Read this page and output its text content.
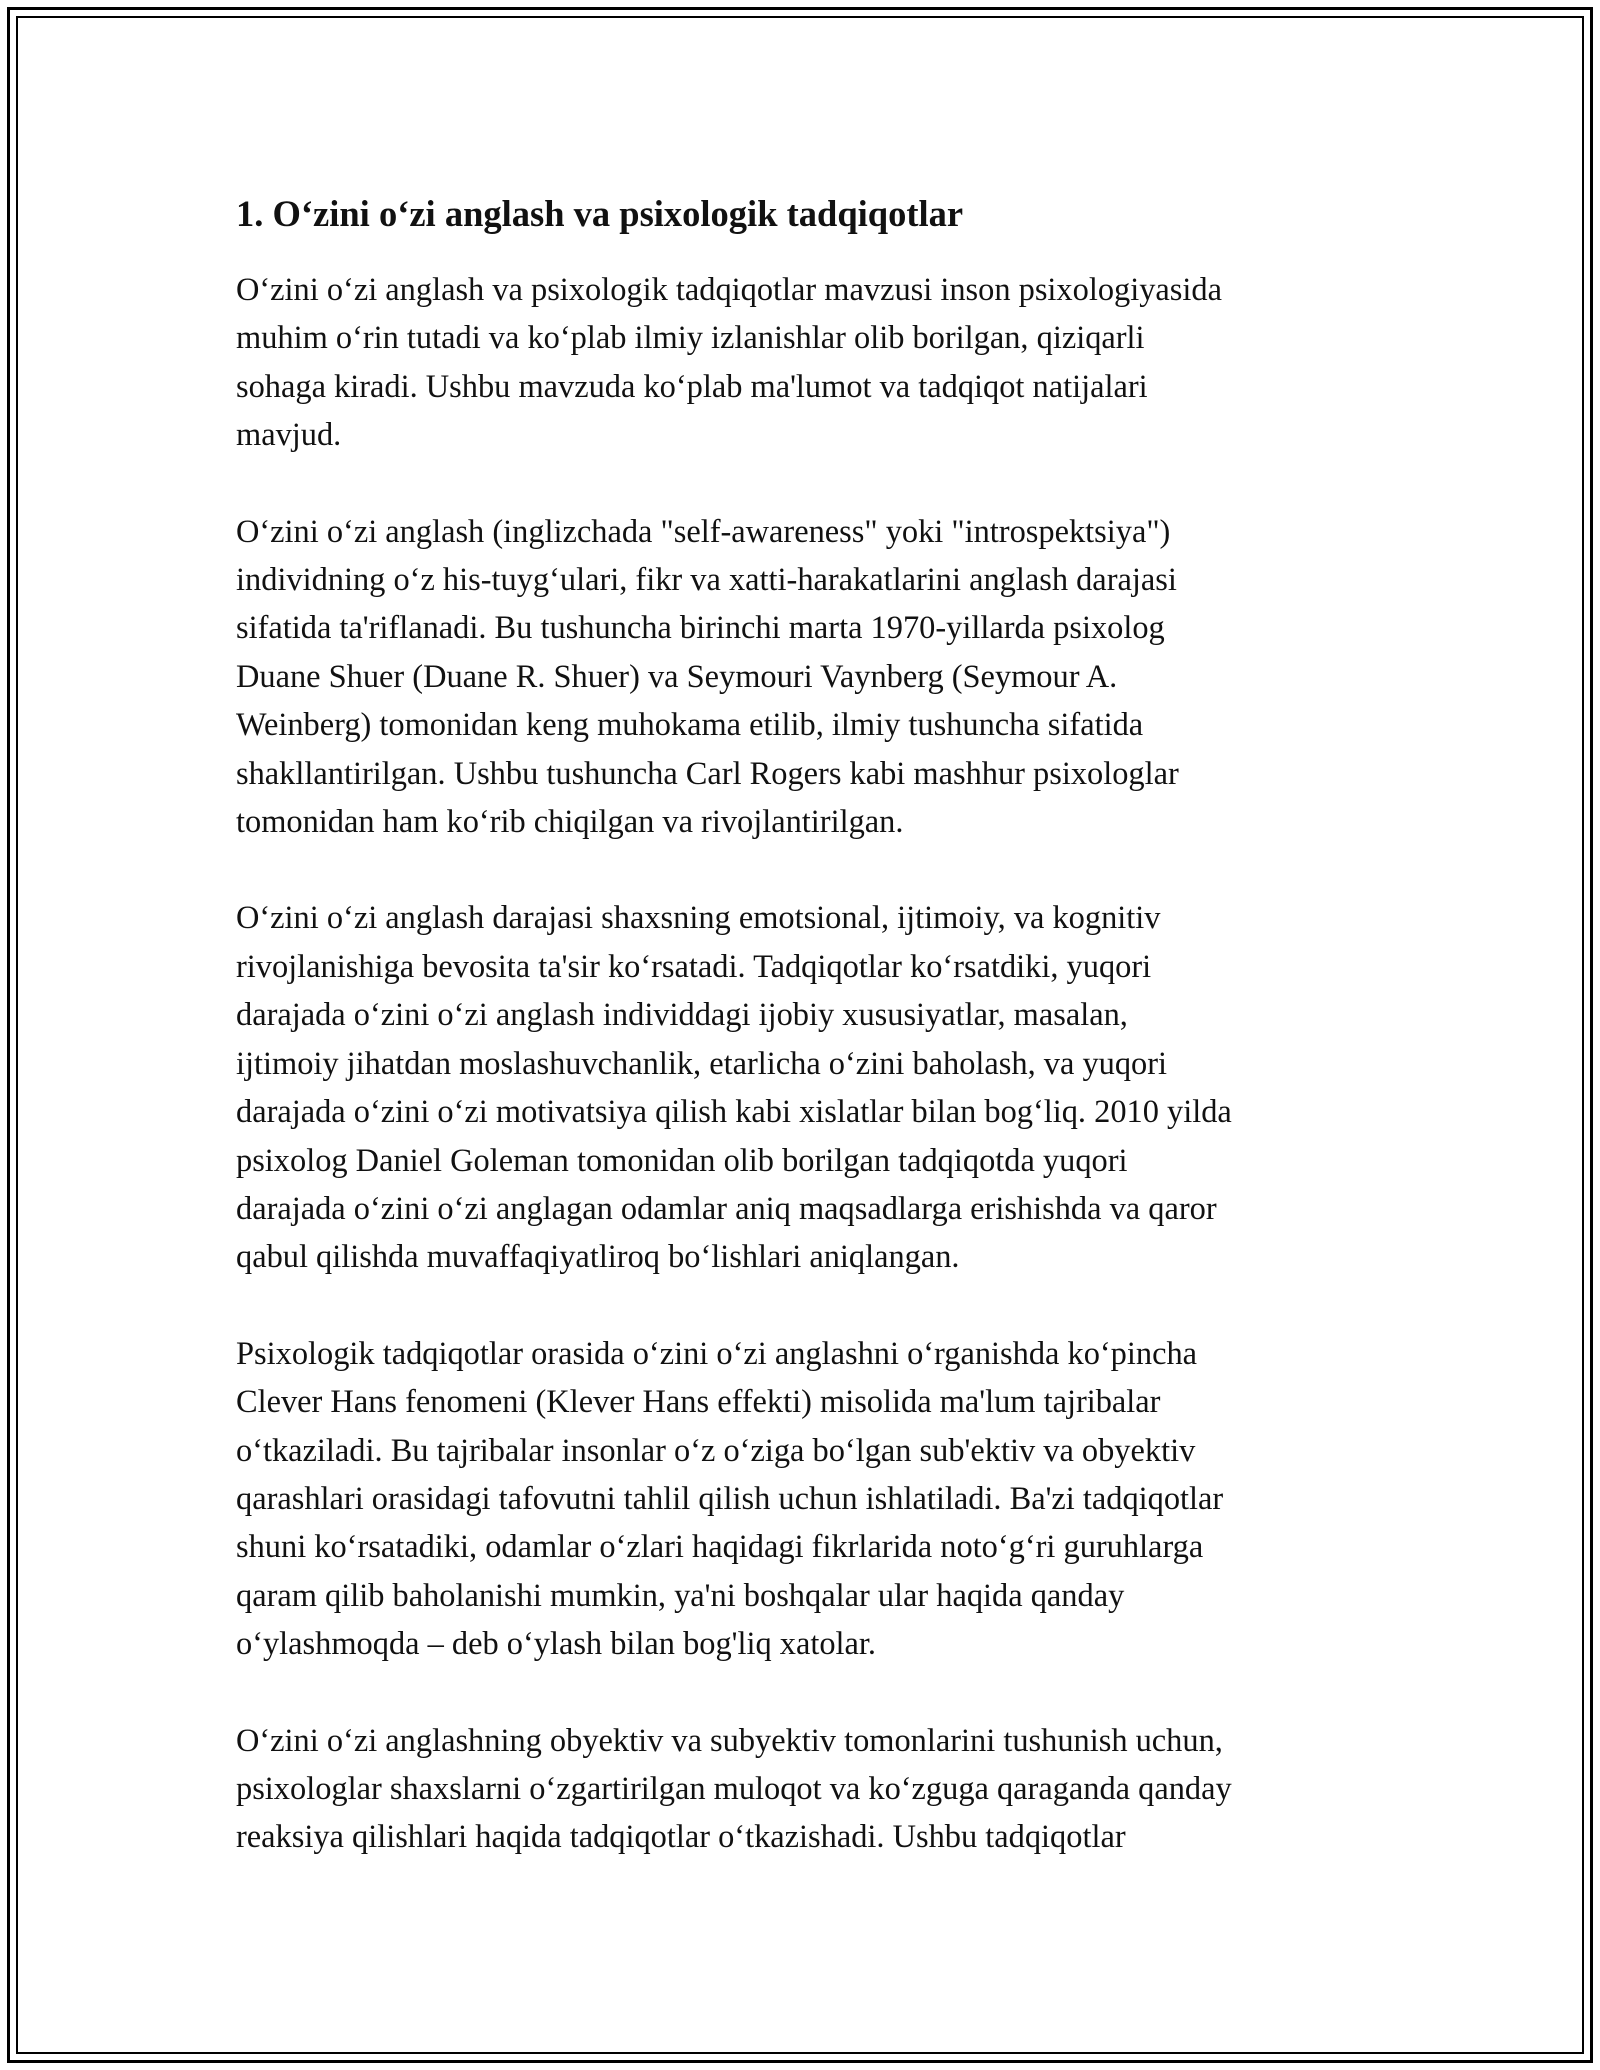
1. O‘zini o‘zi anglash va psixologik tadqiqotlar

O‘zini o‘zi anglash va psixologik tadqiqotlar mavzusi inson psixologiyasida
muhim o‘rin tutadi va ko‘plab ilmiy izlanishlar olib borilgan, qiziqarli
sohaga kiradi. Ushbu mavzuda ko‘plab ma'lumot va tadqiqot natijalari
mavjud.

O‘zini o‘zi anglash (inglizchada "self-awareness" yoki "introspektsiya")
individning o‘z his-tuyg‘ulari, fikr va xatti-harakatlarini anglash darajasi
sifatida ta'riflanadi. Bu tushuncha birinchi marta 1970-yillarda psixolog
Duane Shuer (Duane R. Shuer) va Seymouri Vaynberg (Seymour A.
Weinberg) tomonidan keng muhokama etilib, ilmiy tushuncha sifatida
shakllantirilgan. Ushbu tushuncha Carl Rogers kabi mashhur psixologlar
tomonidan ham ko‘rib chiqilgan va rivojlantirilgan.

O‘zini o‘zi anglash darajasi shaxsning emotsional, ijtimoiy, va kognitiv
rivojlanishiga bevosita ta'sir ko‘rsatadi. Tadqiqotlar ko‘rsatdiki, yuqori
darajada o‘zini o‘zi anglash individdagi ijobiy xususiyatlar, masalan,
ijtimoiy jihatdan moslashuvchanlik, etarlicha o‘zini baholash, va yuqori
darajada o‘zini o‘zi motivatsiya qilish kabi xislatlar bilan bog‘liq. 2010 yilda
psixolog Daniel Goleman tomonidan olib borilgan tadqiqotda yuqori
darajada o‘zini o‘zi anglagan odamlar aniq maqsadlarga erishishda va qaror
qabul qilishda muvaffaqiyatliroq bo‘lishlari aniqlangan.

Psixologik tadqiqotlar orasida o‘zini o‘zi anglashni o‘rganishda ko‘pincha
Clever Hans fenomeni (Klever Hans effekti) misolida ma'lum tajribalar
o‘tkaziladi. Bu tajribalar insonlar o‘z o‘ziga bo‘lgan sub'ektiv va obyektiv
qarashlari orasidagi tafovutni tahlil qilish uchun ishlatiladi. Ba'zi tadqiqotlar
shuni ko‘rsatadiki, odamlar o‘zlari haqidagi fikrlarida noto‘g‘ri guruhlarga
qaram qilib baholanishi mumkin, ya'ni boshqalar ular haqida qanday
o‘ylashmoqda – deb o‘ylash bilan bog'liq xatolar.

O‘zini o‘zi anglashning obyektiv va subyektiv tomonlarini tushunish uchun,
psixologlar shaxslarni o‘zgartirilgan muloqot va ko‘zguga qaraganda qanday
reaksiya qilishlari haqida tadqiqotlar o‘tkazishadi. Ushbu tadqiqotlar
